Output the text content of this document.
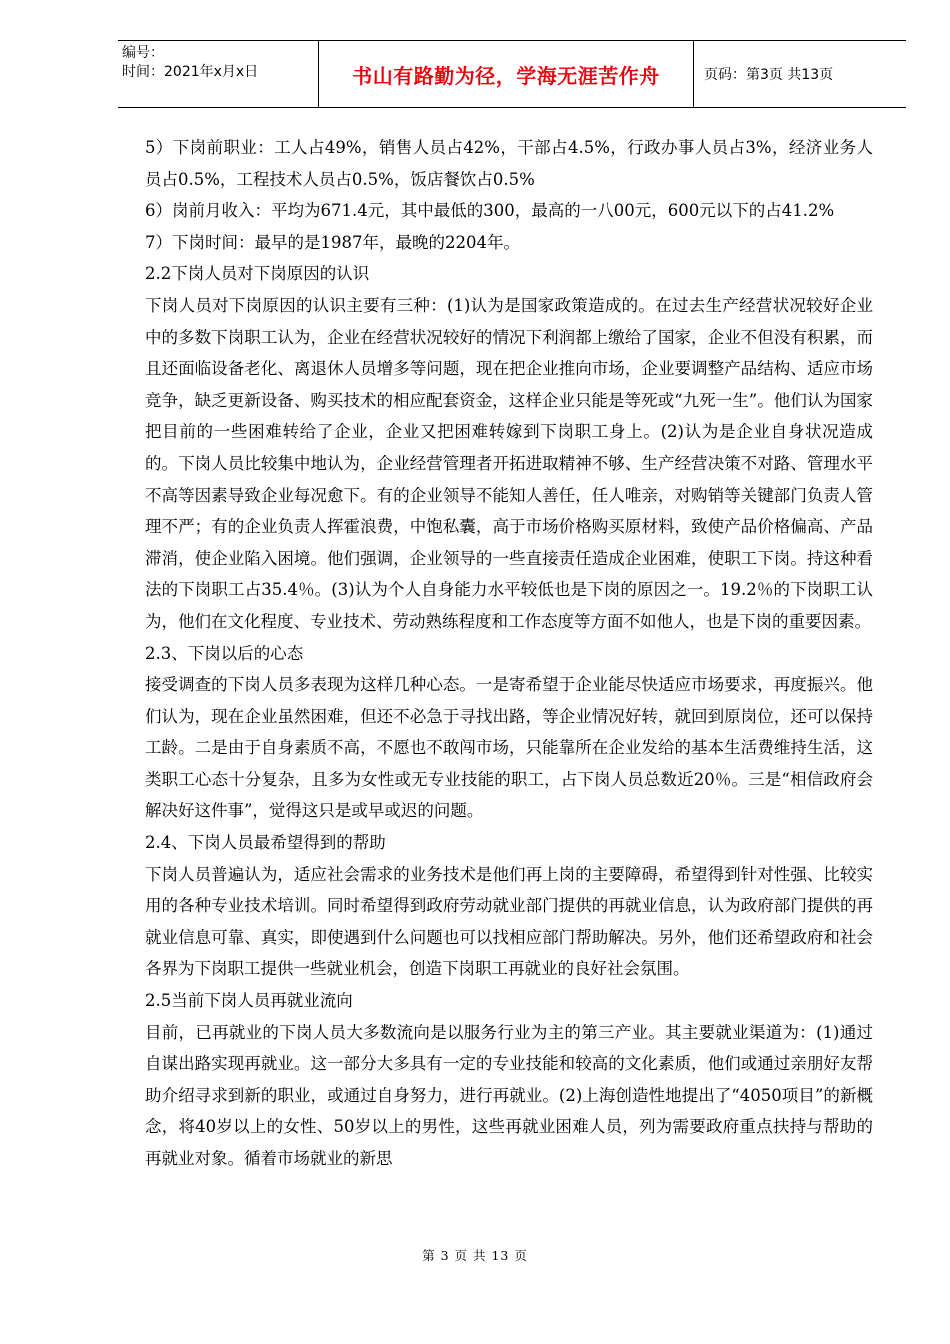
编号：
时间：2021年x月x日	书山有路勤为径，学海无涯苦作舟	页码：第3页 共13页

5）下岗前职业：工人占49%，销售人员占42%，干部占4.5%，行政办事人员占3%，经济业务人员占0.5%，工程技术人员占0.5%，饭店餐饮占0.5%

6）岗前月收入：平均为671.4元，其中最低的300，最高的一八00元，600元以下的占41.2%

7）下岗时间：最早的是1987年，最晚的2204年。

2.2下岗人员对下岗原因的认识

下岗人员对下岗原因的认识主要有三种：(1)认为是国家政策造成的。在过去生产经营状况较好企业中的多数下岗职工认为，企业在经营状况较好的情况下利润都上缴给了国家，企业不但没有积累，而且还面临设备老化、离退休人员增多等问题，现在把企业推向市场，企业要调整产品结构、适应市场竞争，缺乏更新设备、购买技术的相应配套资金，这样企业只能是等死或“九死一生”。他们认为国家把目前的一些困难转给了企业，企业又把困难转嫁到下岗职工身上。(2)认为是企业自身状况造成的。下岗人员比较集中地认为，企业经营管理者开拓进取精神不够、生产经营决策不对路、管理水平不高等因素导致企业每况愈下。有的企业领导不能知人善任，任人唯亲，对购销等关键部门负责人管理不严；有的企业负责人挥霍浪费，中饱私囊，高于市场价格购买原材料，致使产品价格偏高、产品滞消，使企业陷入困境。他们强调，企业领导的一些直接责任造成企业困难，使职工下岗。持这种看法的下岗职工占35.4％。(3)认为个人自身能力水平较低也是下岗的原因之一。19.2％的下岗职工认为，他们在文化程度、专业技术、劳动熟练程度和工作态度等方面不如他人，也是下岗的重要因素。

2.3、下岗以后的心态

接受调查的下岗人员多表现为这样几种心态。一是寄希望于企业能尽快适应市场要求，再度振兴。他们认为，现在企业虽然困难，但还不必急于寻找出路，等企业情况好转，就回到原岗位，还可以保持工龄。二是由于自身素质不高，不愿也不敢闯市场，只能靠所在企业发给的基本生活费维持生活，这类职工心态十分复杂，且多为女性或无专业技能的职工，占下岗人员总数近20％。三是“相信政府会解决好这件事”，觉得这只是或早或迟的问题。

2.4、下岗人员最希望得到的帮助

下岗人员普遍认为，适应社会需求的业务技术是他们再上岗的主要障碍，希望得到针对性强、比较实用的各种专业技术培训。同时希望得到政府劳动就业部门提供的再就业信息，认为政府部门提供的再就业信息可靠、真实，即使遇到什么问题也可以找相应部门帮助解决。另外，他们还希望政府和社会各界为下岗职工提供一些就业机会，创造下岗职工再就业的良好社会氛围。

2.5当前下岗人员再就业流向

目前，已再就业的下岗人员大多数流向是以服务行业为主的第三产业。其主要就业渠道为：(1)通过自谋出路实现再就业。这一部分大多具有一定的专业技能和较高的文化素质，他们或通过亲朋好友帮助介绍寻求到新的职业，或通过自身努力，进行再就业。(2)上海创造性地提出了“4050项目”的新概念，将40岁以上的女性、50岁以上的男性，这些再就业困难人员，列为需要政府重点扶持与帮助的再就业对象。循着市场就业的新思

第 3 页 共 13 页
